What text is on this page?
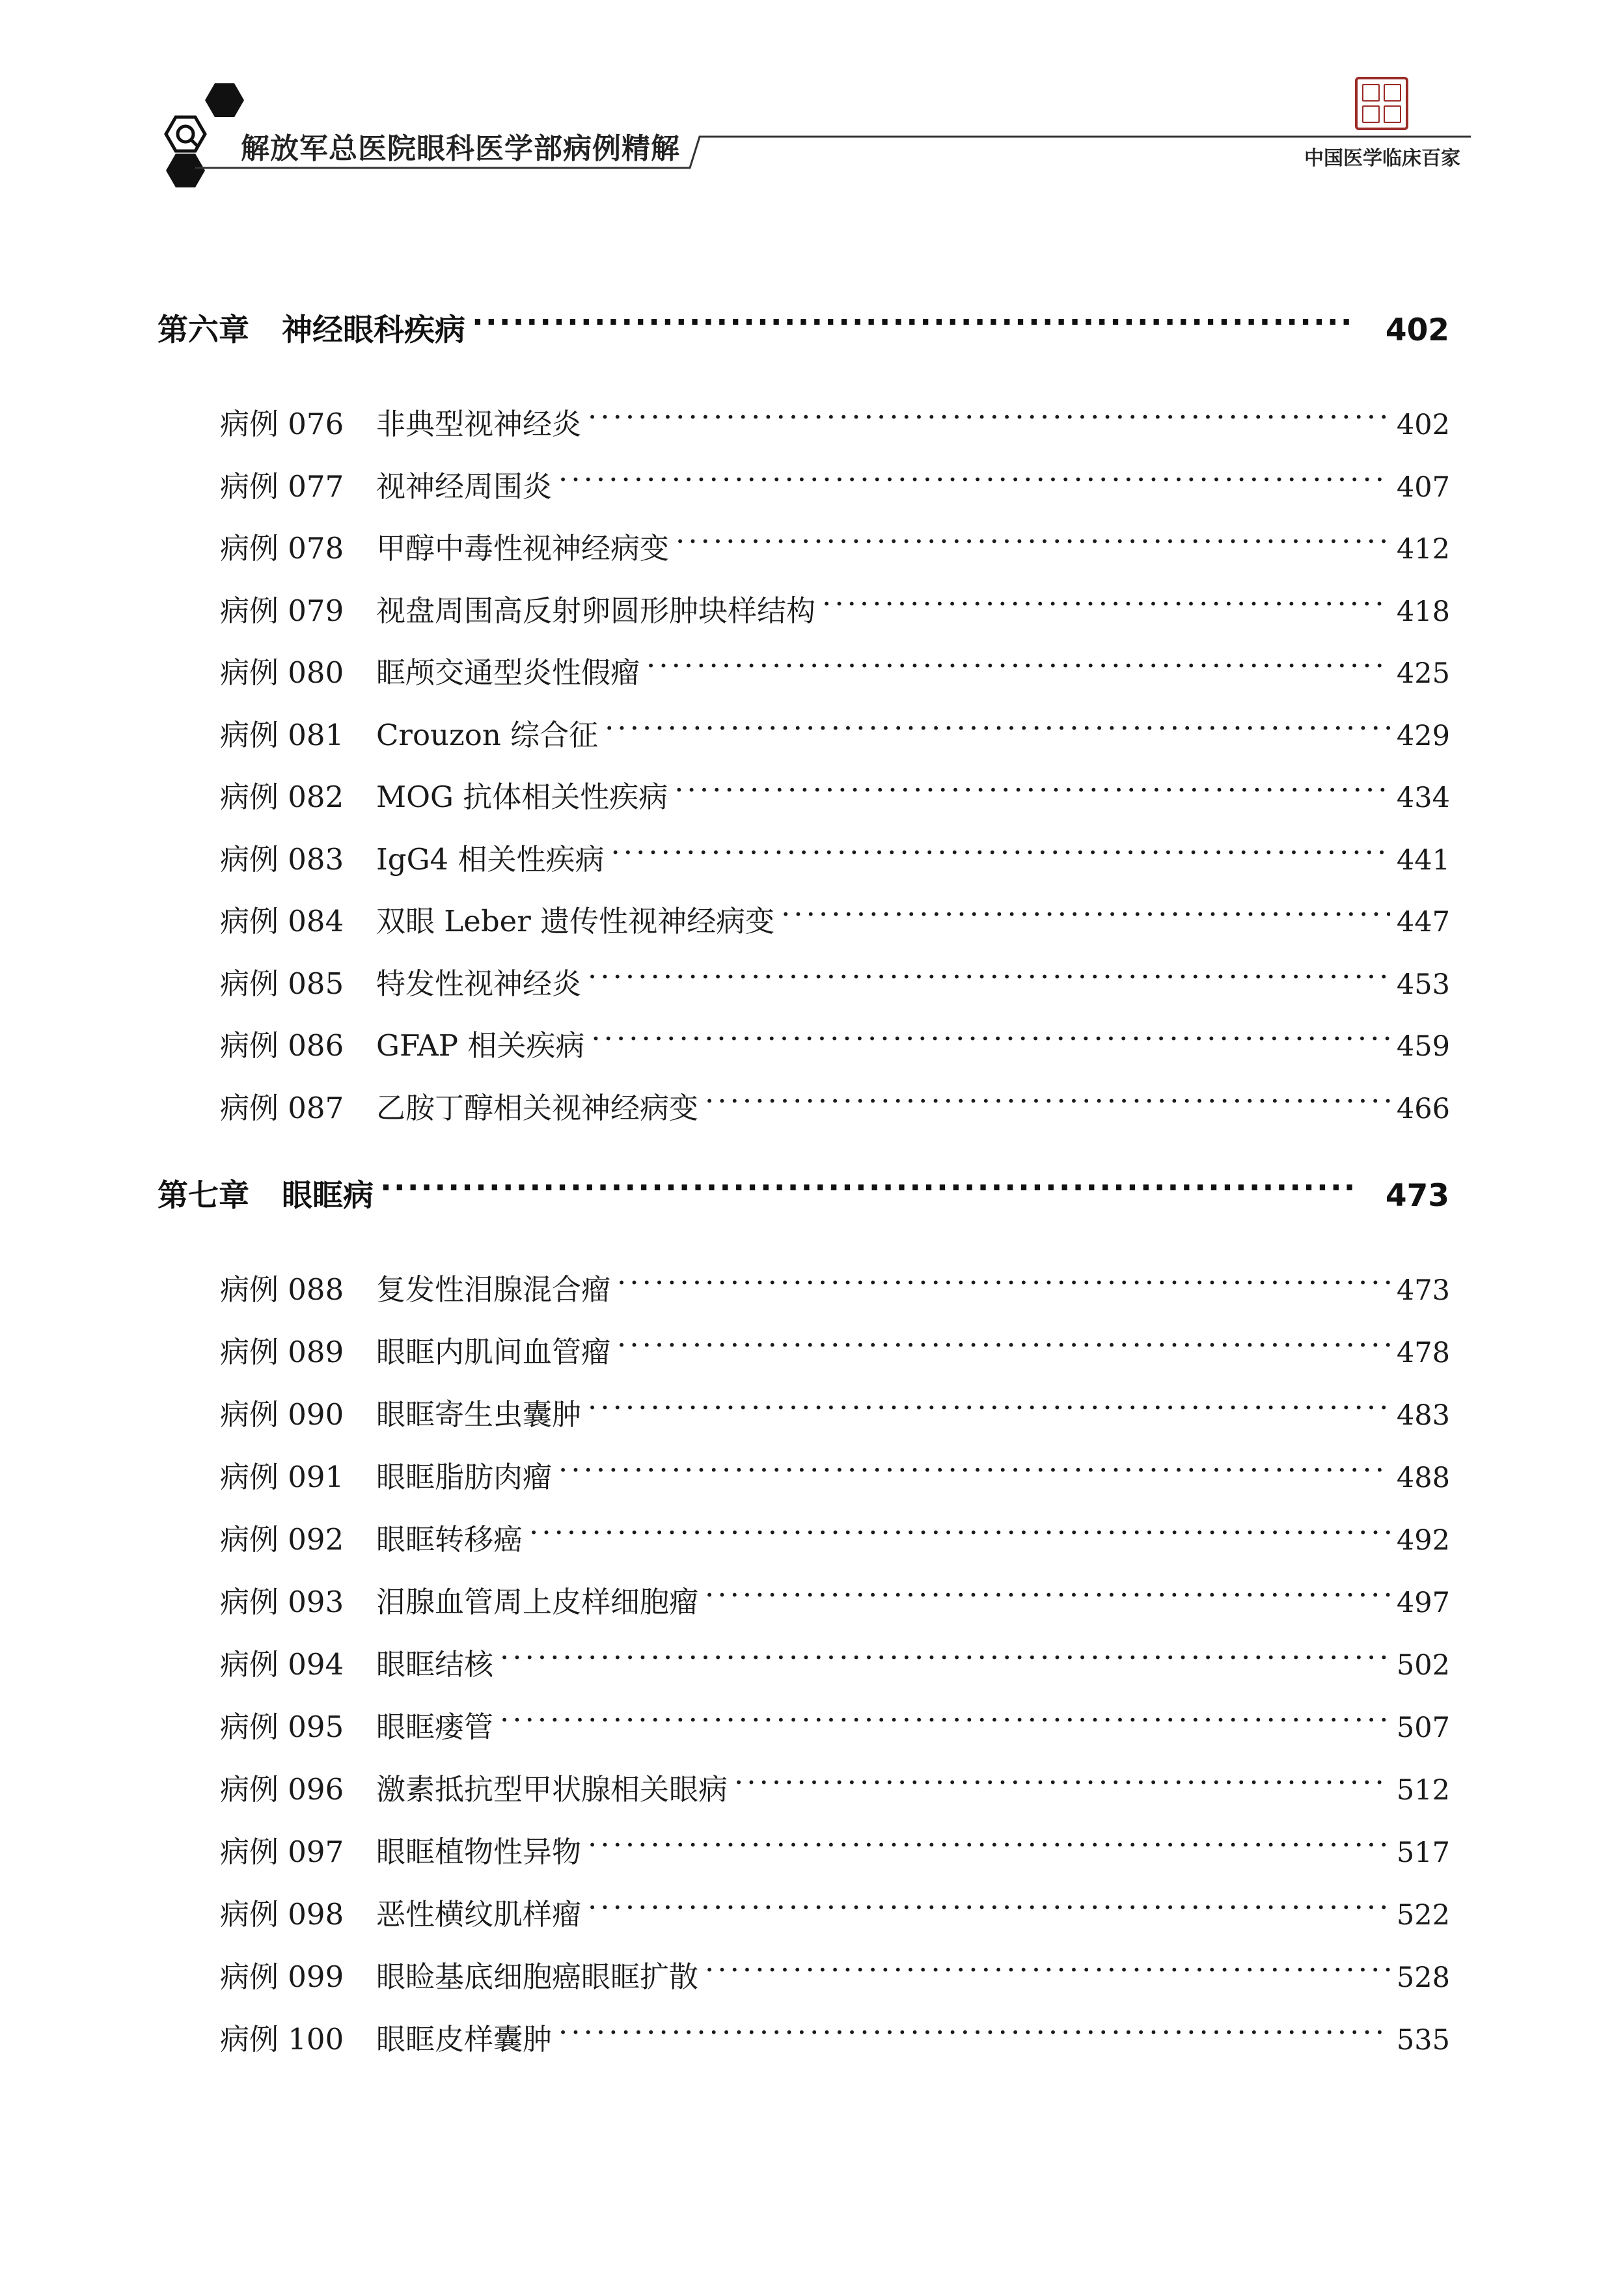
解放军总医院眼科医学部病例精解	中国医学临床百家
第六章 神经眼科疾病 ·····	402
病例 076	非典型视神经炎 ·····	402
病例 077	视神经周围炎 ·····	407
病例 078	甲醇中毒性视神经病变 ·····	412
病例 079	视盘周围高反射卵圆形肿块样结构 ·····	418
病例 080	眶颅交通型炎性假瘤 ·····	425
病例 081	Crouzon 综合征 ·····	429
病例 082	MOG 抗体相关性疾病 ·····	434
病例 083	IgG4 相关性疾病 ·····	441
病例 084	双眼 Leber 遗传性视神经病变 ·····	447
病例 085	特发性视神经炎 ·····	453
病例 086	GFAP 相关疾病 ·····	459
病例 087	乙胺丁醇相关视神经病变 ·····	466
第七章 眼眶病 ·····	473
病例 088	复发性泪腺混合瘤 ·····	473
病例 089	眼眶内肌间血管瘤 ·····	478
病例 090	眼眶寄生虫囊肿 ·····	483
病例 091	眼眶脂肪肉瘤 ·····	488
病例 092	眼眶转移癌 ·····	492
病例 093	泪腺血管周上皮样细胞瘤 ·····	497
病例 094	眼眶结核 ·····	502
病例 095	眼眶瘘管 ·····	507
病例 096	激素抵抗型甲状腺相关眼病 ·····	512
病例 097	眼眶植物性异物 ·····	517
病例 098	恶性横纹肌样瘤 ·····	522
病例 099	眼睑基底细胞癌眼眶扩散 ·····	528
病例 100	眼眶皮样囊肿 ·····	535
